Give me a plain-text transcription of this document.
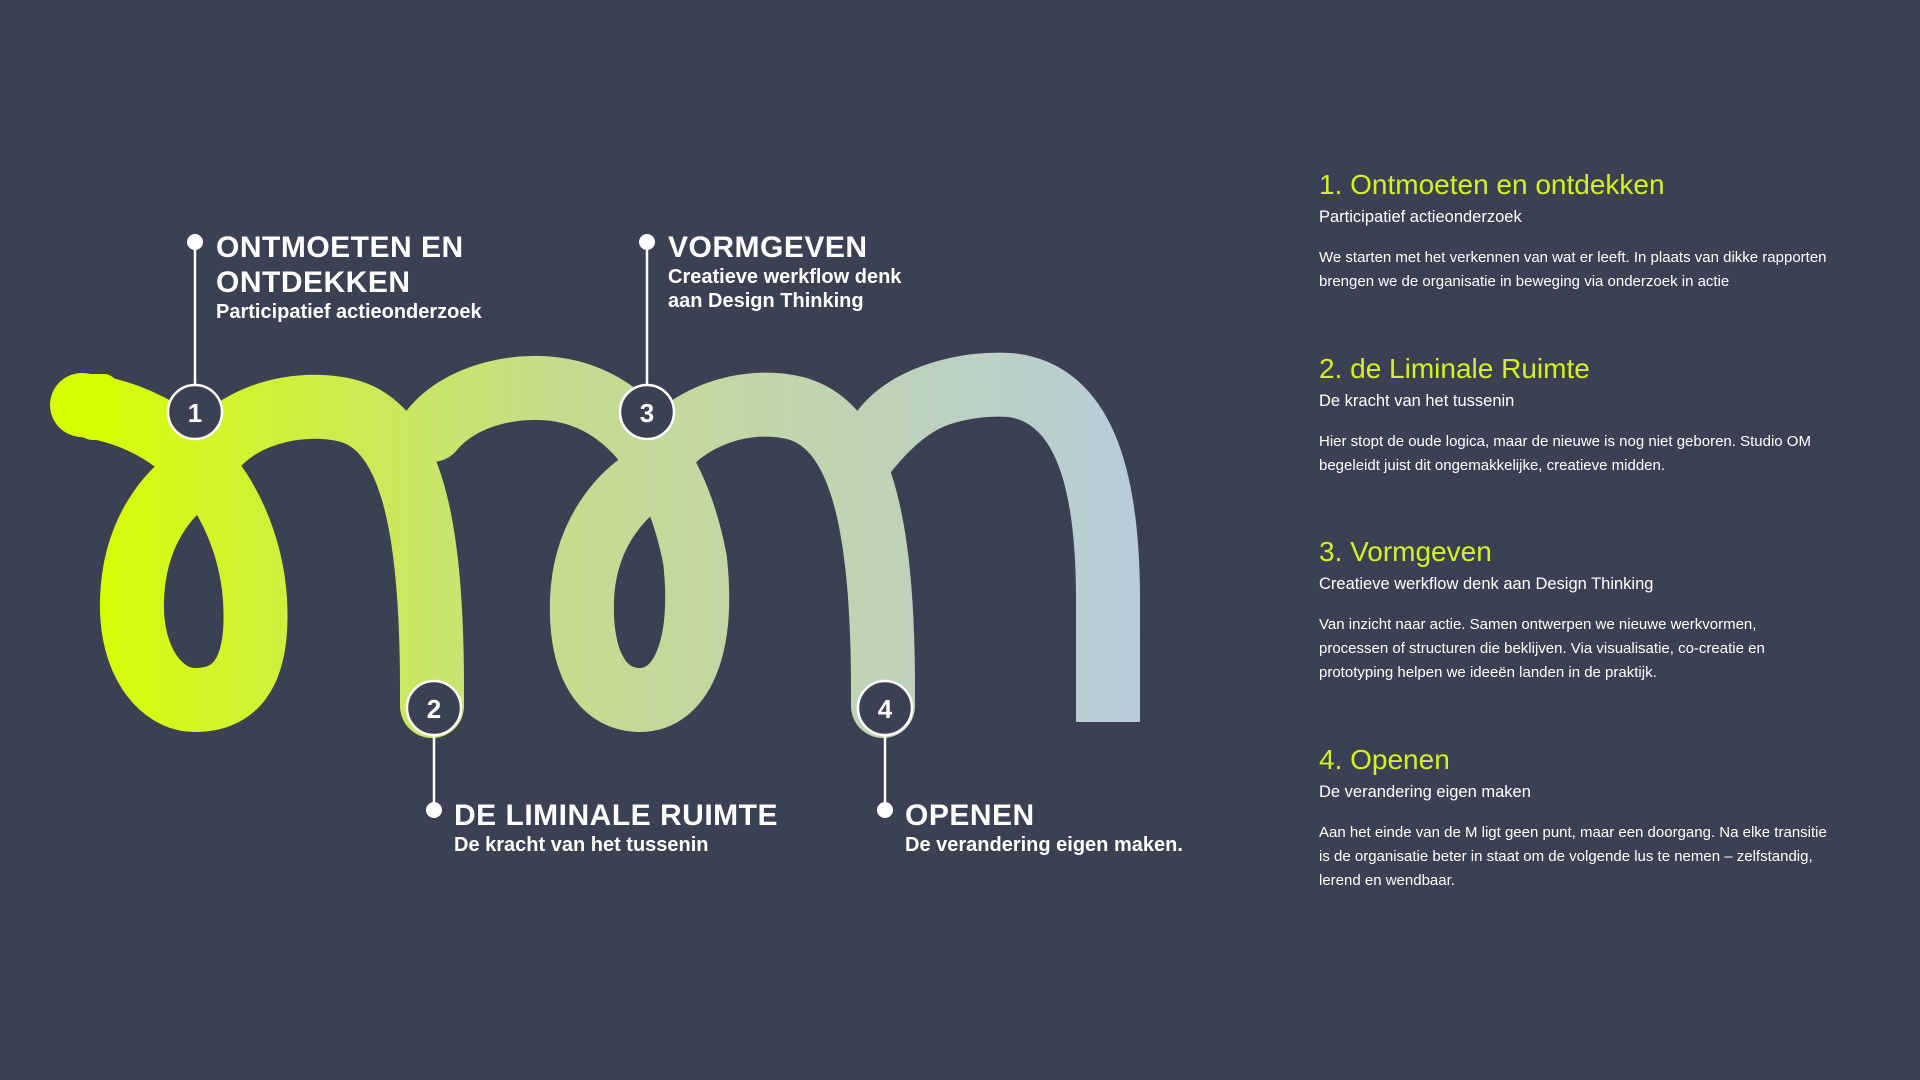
1	3
2	4

ONTMOETEN EN

ONTDEKKEN

Participatief actieonderzoek

VORMGEVEN

Creatieve werkflow denk

aan Design Thinking

DE LIMINALE RUIMTE

De kracht van het tussenin

OPENEN

De verandering eigen maken.

1. Ontmoeten en ontdekken

Participatief actieonderzoek

We starten met het verkennen van wat er leeft. In plaats van dikke rapporten
brengen we de organisatie in beweging via onderzoek in actie

2. de Liminale Ruimte

De kracht van het tussenin

Hier stopt de oude logica, maar de nieuwe is nog niet geboren. Studio OM
begeleidt juist dit ongemakkelijke, creatieve midden.

3. Vormgeven

Creatieve werkflow denk aan Design Thinking

Van inzicht naar actie. Samen ontwerpen we nieuwe werkvormen,
processen of structuren die beklijven. Via visualisatie, co-creatie en
prototyping helpen we ideeën landen in de praktijk.

4. Openen

De verandering eigen maken

Aan het einde van de M ligt geen punt, maar een doorgang. Na elke transitie
is de organisatie beter in staat om de volgende lus te nemen – zelfstandig,
lerend en wendbaar.
